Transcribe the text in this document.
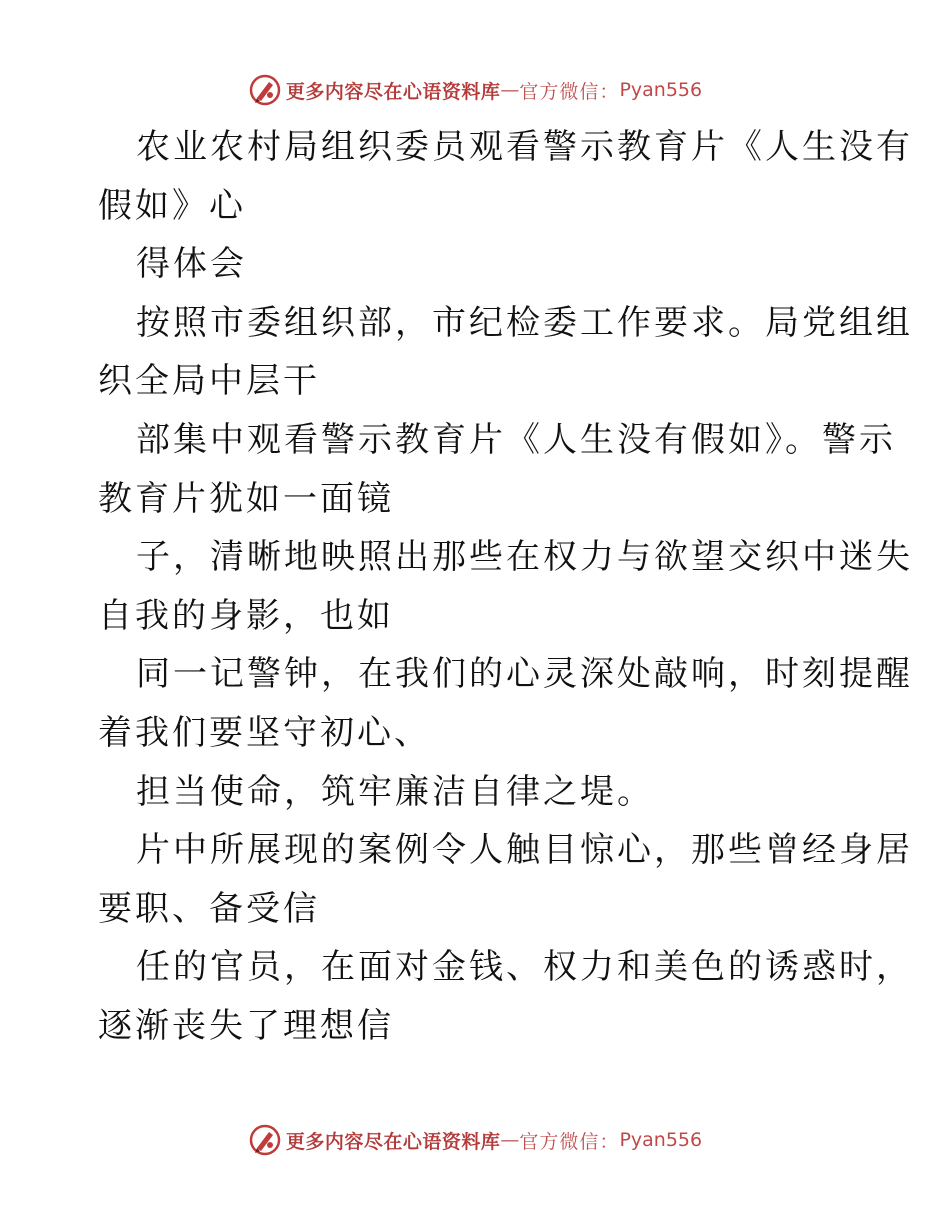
更多内容尽在心语资料库 — 官方微信： Pyan556
农业农村局组织委员观看警示教育片《人生没有
假如》心
得体会
按照市委组织部，市纪检委工作要求。局党组组
织全局中层干
部集中观看警示教育片《人生没有假如》。警示
教育片犹如一面镜
子，清晰地映照出那些在权力与欲望交织中迷失
自我的身影，也如
同一记警钟，在我们的心灵深处敲响，时刻提醒
着我们要坚守初心、
担当使命，筑牢廉洁自律之堤。
片中所展现的案例令人触目惊心，那些曾经身居
要职、备受信
任的官员，在面对金钱、权力和美色的诱惑时，
逐渐丧失了理想信
更多内容尽在心语资料库 — 官方微信： Pyan556
